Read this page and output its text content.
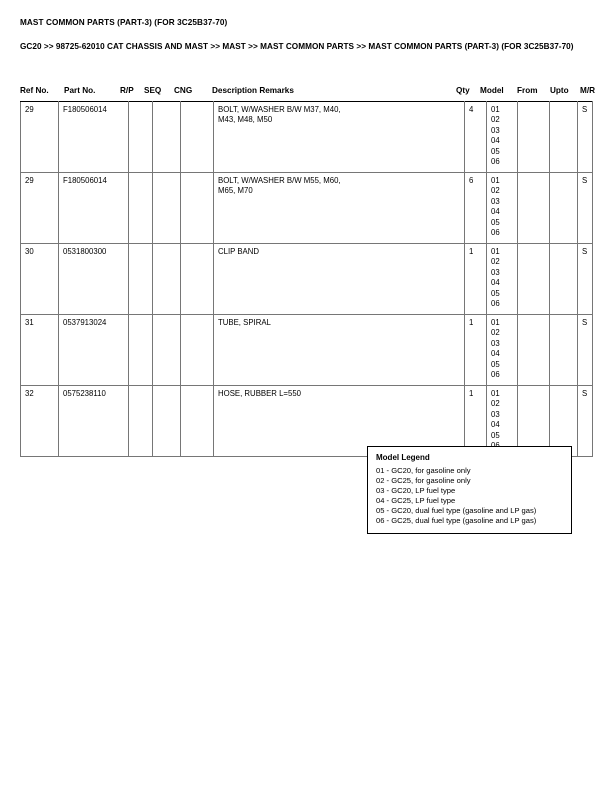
MAST COMMON PARTS (PART-3) (FOR 3C25B37-70)
GC20 >> 98725-62010 CAT CHASSIS AND MAST >> MAST >> MAST COMMON PARTS >> MAST COMMON PARTS (PART-3) (FOR 3C25B37-70)
Ref No. Part No.	R/P SEQ CNG Description Remarks	Qty Model From Upto M/R
29	F180506014				BOLT, W/WASHER B/W M37, M40,
M43, M48, M50
	4	01
02
03
04
05
06
			S
29	F180506014				BOLT, W/WASHER B/W M55, M60,
M65, M70
	6	01
02
03
04
05
06
			S
30	0531800300				CLIP BAND	1	01
02
03
04
05
06
			S
31	0537913024				TUBE, SPIRAL	1	01
02
03
04
05
06
			S
32	0575238110				HOSE, RUBBER L=550	1	01
02
03
04
05
			S
Model Legend
01 - GC20, for gasoline only
02 - GC25, for gasoline only
03 - GC20, LP fuel type
04 - GC25, LP fuel type
05 - GC20, dual fuel type (gasoline and LP gas)
06 - GC25, dual fuel type (gasoline and LP gas)
